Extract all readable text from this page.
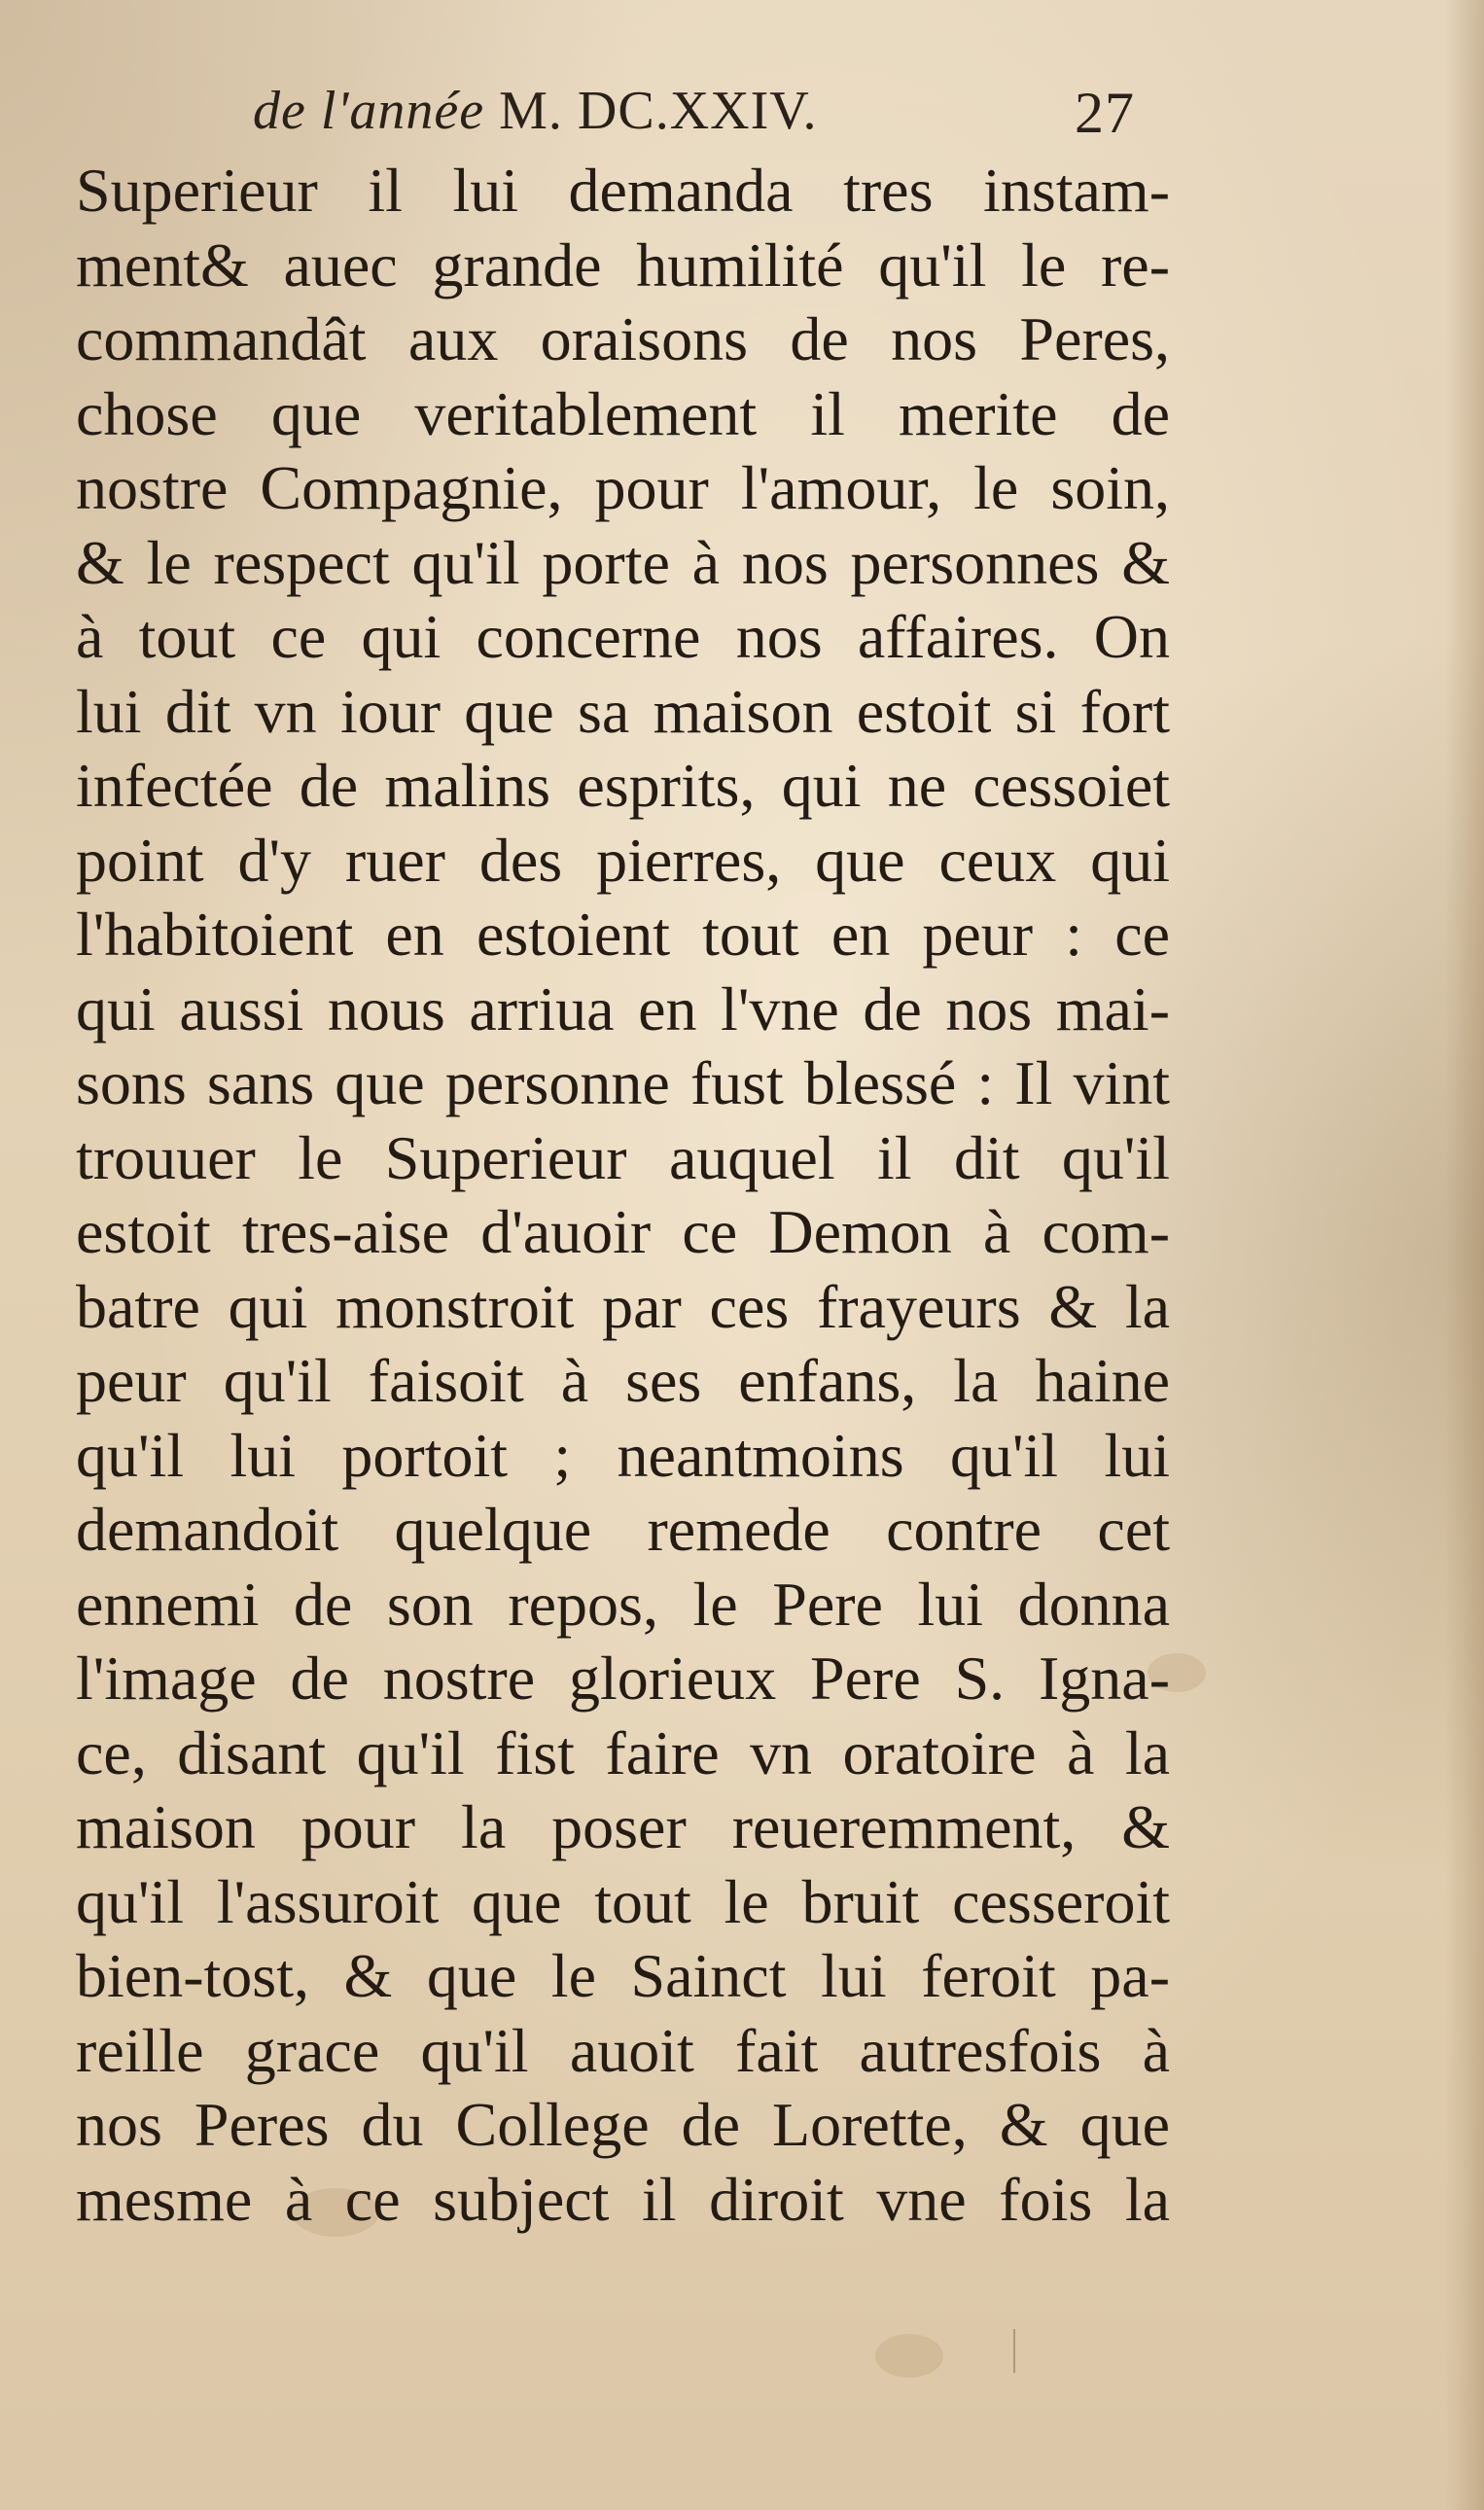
de l'année M. DC.XXIV.	27
Superieur il lui demanda tres instam-
ment& auec grande humilité qu'il le re-
commandât aux oraisons de nos Peres,
chose que veritablement il merite de
nostre Compagnie, pour l'amour, le soin,
& le respect qu'il porte à nos personnes &
à tout ce qui concerne nos affaires. On
lui dit vn iour que sa maison estoit si fort
infectée de malins esprits, qui ne cessoiet
point d'y ruer des pierres, que ceux qui
l'habitoient en estoient tout en peur : ce
qui aussi nous arriua en l'vne de nos mai-
sons sans que personne fust blessé : Il vint
trouuer le Superieur auquel il dit qu'il
estoit tres-aise d'auoir ce Demon à com-
batre qui monstroit par ces frayeurs & la
peur qu'il faisoit à ses enfans, la haine
qu'il lui portoit ; neantmoins qu'il lui
demandoit quelque remede contre cet
ennemi de son repos, le Pere lui donna
l'image de nostre glorieux Pere S. Igna-
ce, disant qu'il fist faire vn oratoire à la
maison pour la poser reueremment, &
qu'il l'assuroit que tout le bruit cesseroit
bien-tost, & que le Sainct lui feroit pa-
reille grace qu'il auoit fait autresfois à
nos Peres du College de Lorette, & que
mesme à ce subject il diroit vne fois la
